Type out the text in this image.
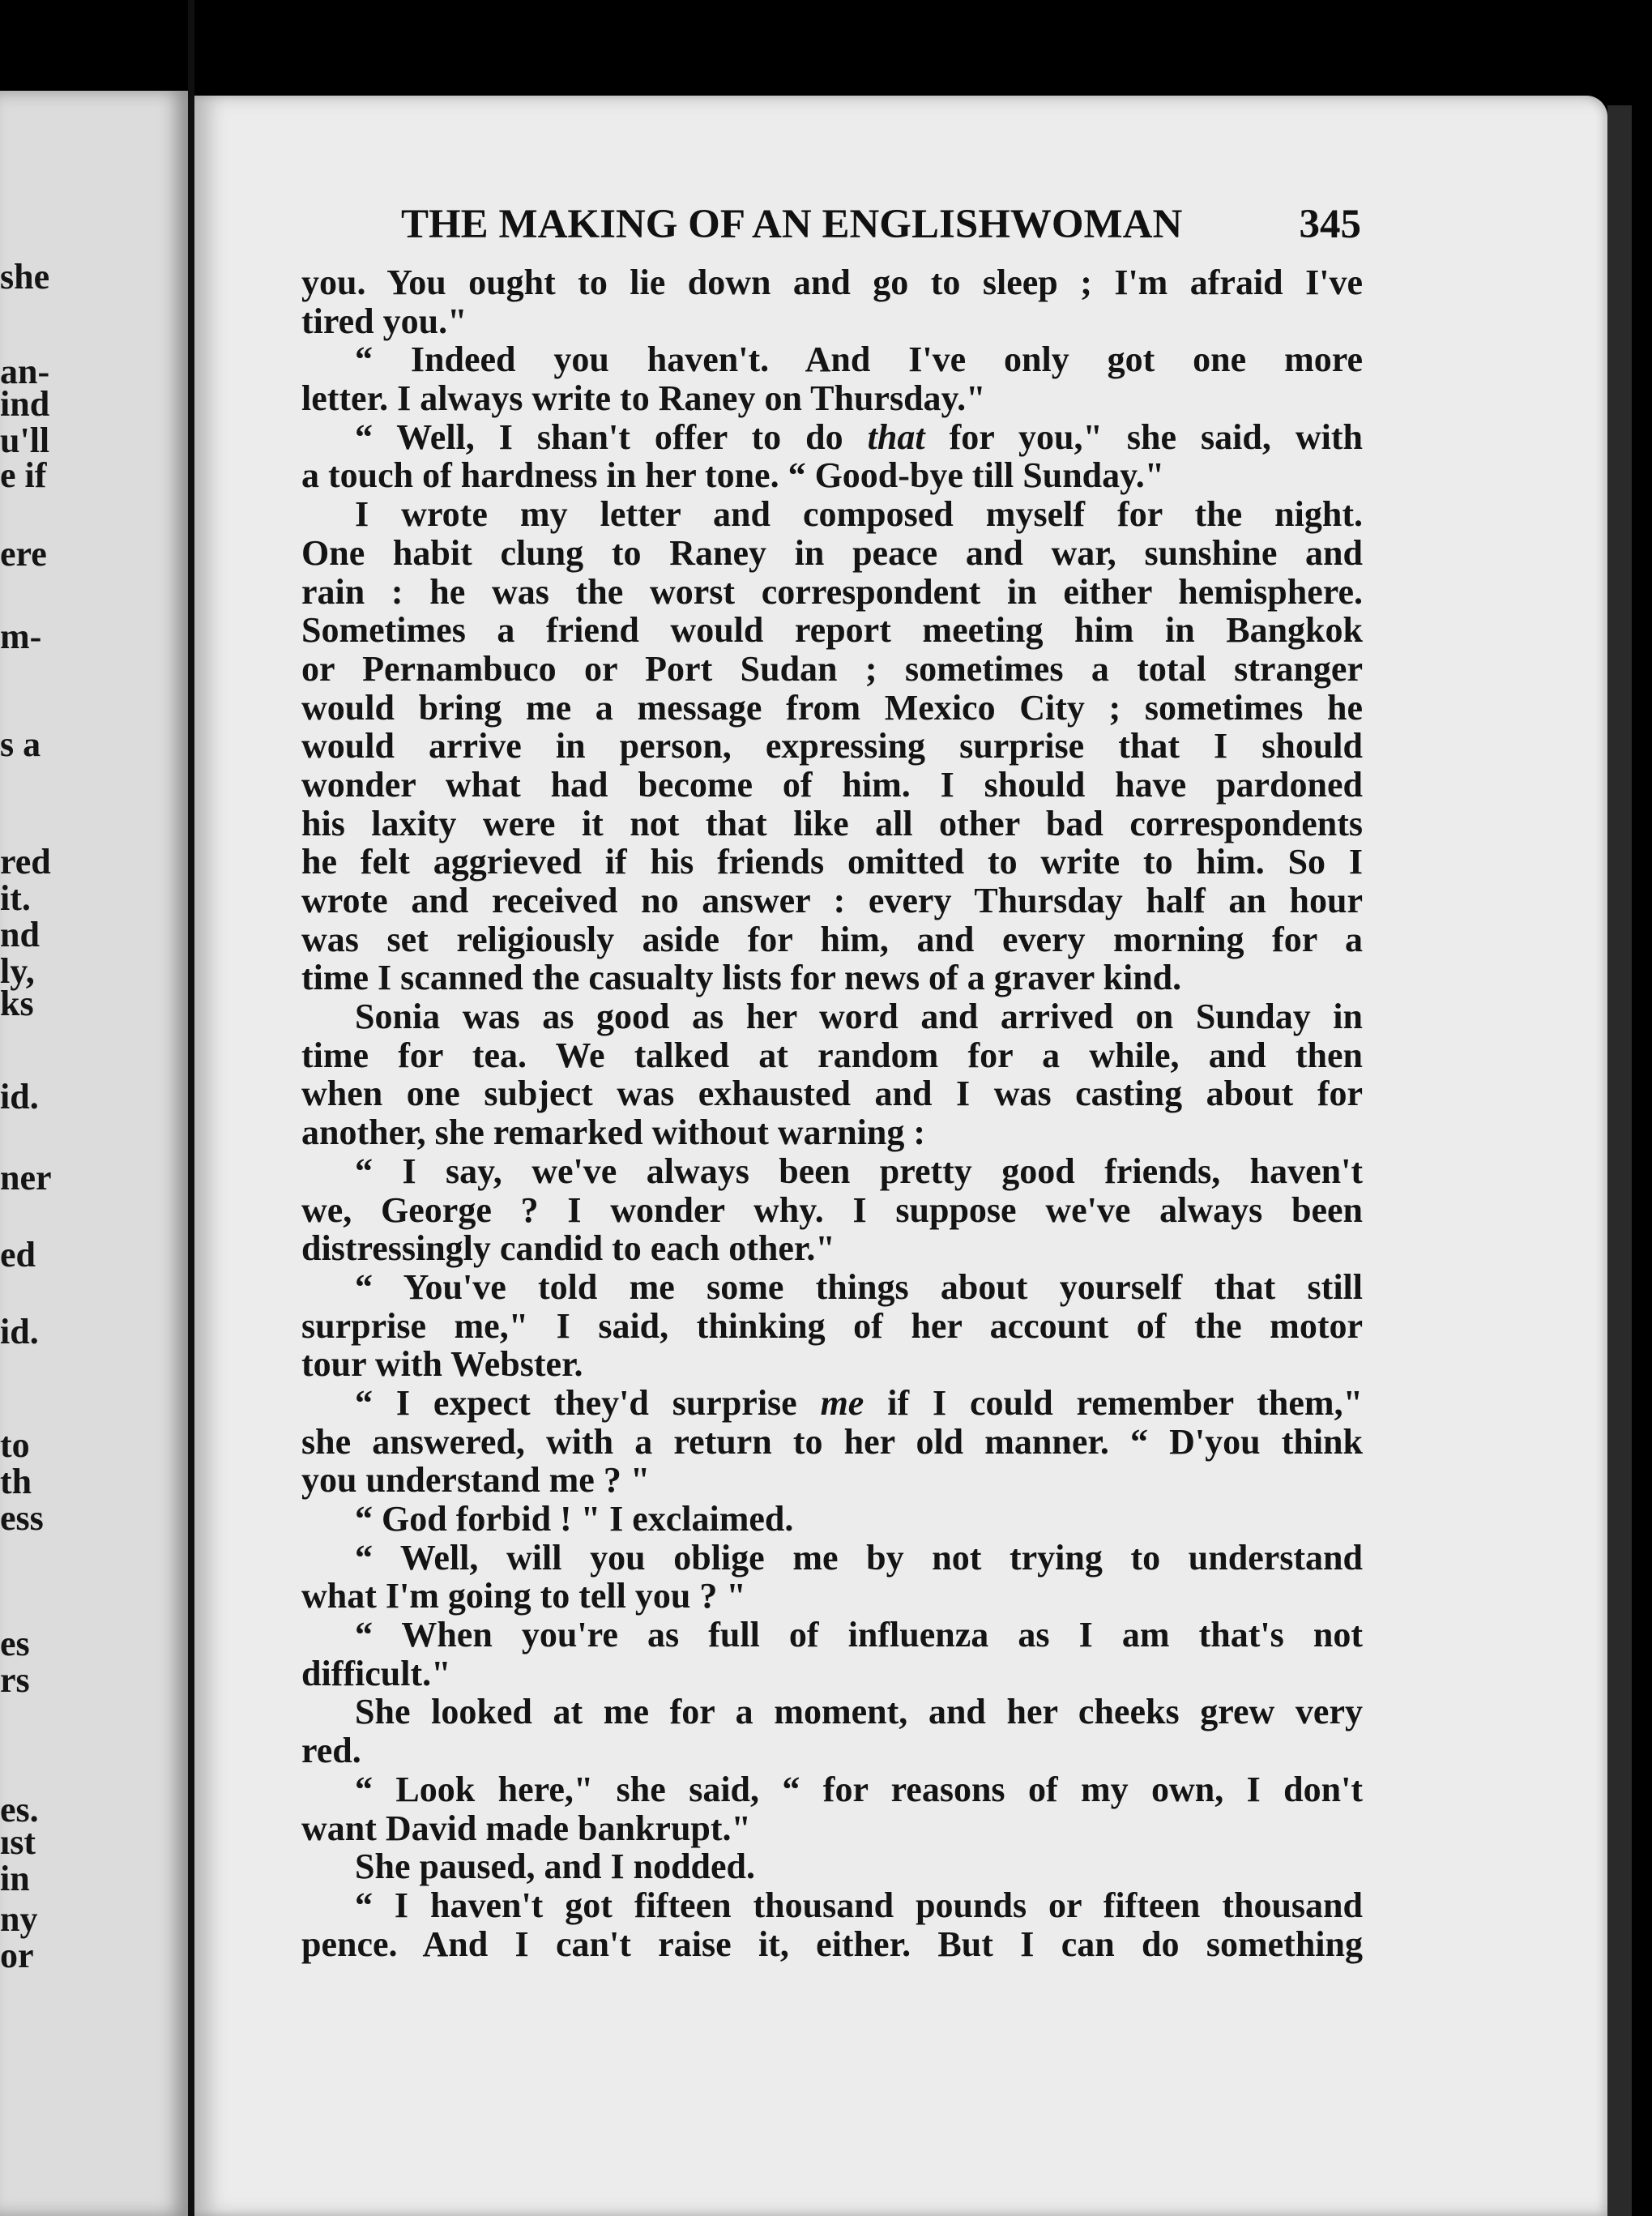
she
an-
ind
u'll
e if
ere
m-
s a
red
it.
nd
ly,
ks
id.
ner
ed
id.
to
th
ess
es
rs
es.
ıst
in
ny
or
THE MAKING OF AN ENGLISHWOMAN	345
you. You ought to lie down and go to sleep ; I'm afraid I've
tired you."
“ Indeed you haven't. And I've only got one more
letter. I always write to Raney on Thursday."
“ Well, I shan't offer to do that for you," she said, with
a touch of hardness in her tone. “ Good-bye till Sunday."
I wrote my letter and composed myself for the night.
One habit clung to Raney in peace and war, sunshine and
rain : he was the worst correspondent in either hemisphere.
Sometimes a friend would report meeting him in Bangkok
or Pernambuco or Port Sudan ; sometimes a total stranger
would bring me a message from Mexico City ; sometimes he
would arrive in person, expressing surprise that I should
wonder what had become of him. I should have pardoned
his laxity were it not that like all other bad correspondents
he felt aggrieved if his friends omitted to write to him. So I
wrote and received no answer : every Thursday half an hour
was set religiously aside for him, and every morning for a
time I scanned the casualty lists for news of a graver kind.
Sonia was as good as her word and arrived on Sunday in
time for tea. We talked at random for a while, and then
when one subject was exhausted and I was casting about for
another, she remarked without warning :
“ I say, we've always been pretty good friends, haven't
we, George ? I wonder why. I suppose we've always been
distressingly candid to each other."
“ You've told me some things about yourself that still
surprise me," I said, thinking of her account of the motor
tour with Webster.
“ I expect they'd surprise me if I could remember them,"
she answered, with a return to her old manner. “ D'you think
you understand me ? "
“ God forbid ! " I exclaimed.
“ Well, will you oblige me by not trying to understand
what I'm going to tell you ? "
“ When you're as full of influenza as I am that's not
difficult."
She looked at me for a moment, and her cheeks grew very
red.
“ Look here," she said, “ for reasons of my own, I don't
want David made bankrupt."
She paused, and I nodded.
“ I haven't got fifteen thousand pounds or fifteen thousand
pence. And I can't raise it, either. But I can do something
